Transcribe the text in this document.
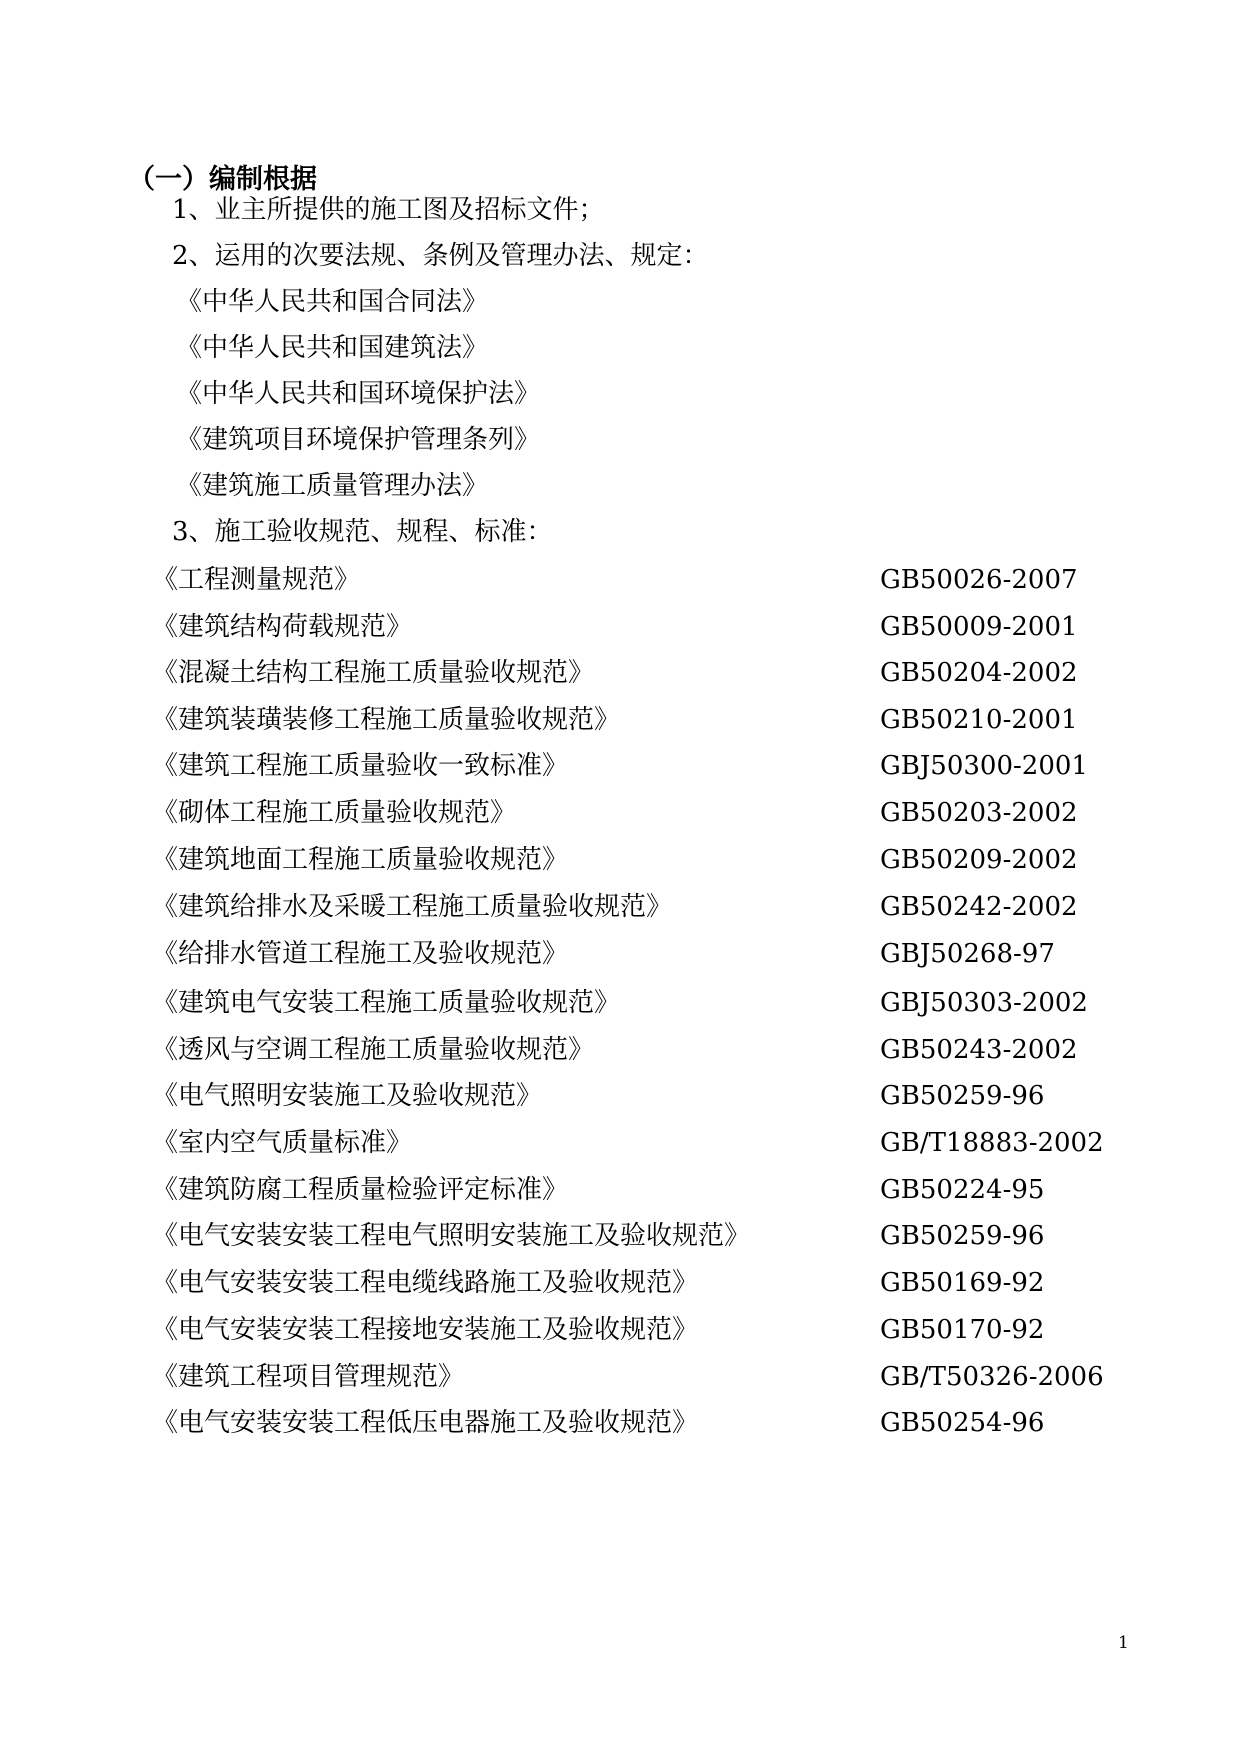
（一）编制根据
1、业主所提供的施工图及招标文件；
2、运用的次要法规、条例及管理办法、规定：
《中华人民共和国合同法》
《中华人民共和国建筑法》
《中华人民共和国环境保护法》
《建筑项目环境保护管理条列》
《建筑施工质量管理办法》
3、施工验收规范、规程、标准：
《工程测量规范》	GB50026-2007
《建筑结构荷载规范》	GB50009-2001
《混凝土结构工程施工质量验收规范》	GB50204-2002
《建筑装璜装修工程施工质量验收规范》	GB50210-2001
《建筑工程施工质量验收一致标准》	GBJ50300-2001
《砌体工程施工质量验收规范》	GB50203-2002
《建筑地面工程施工质量验收规范》	GB50209-2002
《建筑给排水及采暖工程施工质量验收规范》	GB50242-2002
《给排水管道工程施工及验收规范》	GBJ50268-97
《建筑电气安装工程施工质量验收规范》	GBJ50303-2002
《透风与空调工程施工质量验收规范》	GB50243-2002
《电气照明安装施工及验收规范》	GB50259-96
《室内空气质量标准》	GB/T18883-2002
《建筑防腐工程质量检验评定标准》	GB50224-95
《电气安装安装工程电气照明安装施工及验收规范》	GB50259-96
《电气安装安装工程电缆线路施工及验收规范》	GB50169-92
《电气安装安装工程接地安装施工及验收规范》	GB50170-92
《建筑工程项目管理规范》	GB/T50326-2006
《电气安装安装工程低压电器施工及验收规范》	GB50254-96
1
